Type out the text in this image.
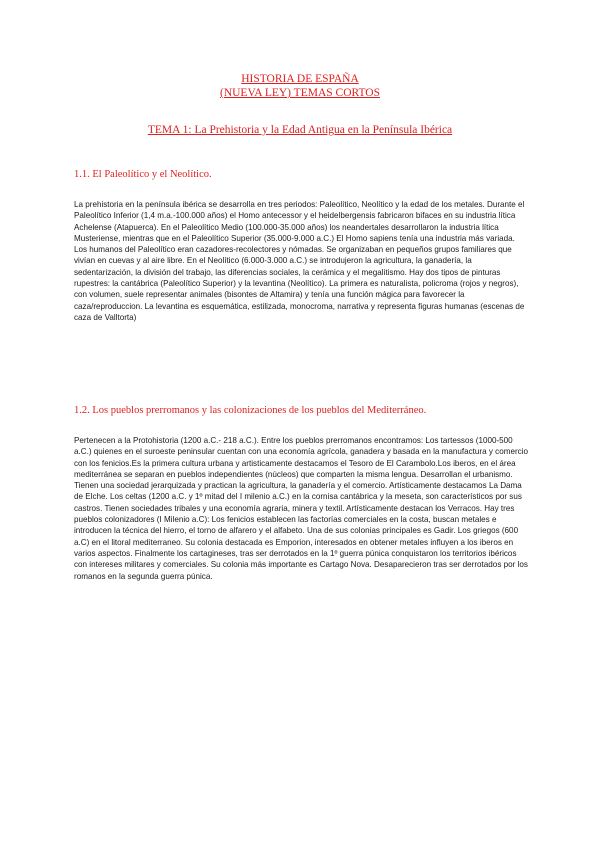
HISTORIA DE ESPAÑA
(NUEVA LEY) TEMAS CORTOS
TEMA 1: La Prehistoria y la Edad Antigua en la Península Ibérica
1.1. El Paleolítico y el Neolítico.

La prehistoria en la península ibérica se desarrolla en tres periodos: Paleolítico, Neolítico y la edad de los metales. Durante el Paleolítico Inferior (1,4 m.a.-100.000 años) el Homo antecessor y el heidelbergensis fabricaron bifaces en su industria lítica Achelense (Atapuerca). En el Paleolítico Medio (100.000-35.000 años) los neandertales desarrollaron la industria lítica Musteriense, mientras que en el Paleolítico Superior (35.000-9.000 a.C.) El Homo sapiens tenía una industria más variada. Los humanos del Paleolítico eran cazadores-recolectores y nómadas. Se organizaban en pequeños grupos familiares que vivían en cuevas y al aire libre. En el Neolítico (6.000-3.000 a.C.) se introdujeron la agricultura, la ganadería, la sedentarización, la división del trabajo, las diferencias sociales, la cerámica y el megalitismo. Hay dos tipos de pinturas rupestres: la cantábrica (Paleolítico Superior) y la levantina (Neolítico). La primera es naturalista, policroma (rojos y negros), con volumen, suele representar animales (bisontes de Altamira) y tenía una función mágica para favorecer la caza/reproduccion. La levantina es esquemática, estilizada, monocroma, narrativa y representa figuras humanas (escenas de caza de Valltorta)

1.2. Los pueblos prerromanos y las colonizaciones de los pueblos del Mediterráneo.

Pertenecen a la Protohistoria (1200 a.C.- 218 a.C.). Entre los pueblos prerromanos encontramos: Los tartessos (1000-500 a.C.) quienes en el suroeste peninsular cuentan con una economía agrícola, ganadera y basada en la manufactura y comercio con los fenicios.Es la primera cultura urbana y artisticamente destacamos el Tesoro de El Carambolo.Los iberos, en el área mediterránea se separan en pueblos independientes (núcleos) que comparten la misma lengua. Desarrollan el urbanismo. Tienen una sociedad jerarquizada y practican la agricultura, la ganadería y el comercio. Artísticamente destacamos La Dama de Elche. Los celtas (1200 a.C. y 1º mitad del I milenio a.C.) en la cornisa cantábrica y la meseta, son característicos por sus castros. Tienen sociedades tribales y una economía agraria, minera y textil. Artísticamente destacan los Verracos. Hay tres pueblos colonizadores (I Milenio a.C): Los fenicios establecen las factorías comerciales en la costa, buscan metales e introducen la técnica del hierro, el torno de alfarero y el alfabeto. Una de sus colonias principales es Gadir. Los griegos (600 a.C) en el litoral mediterraneo. Su colonia destacada es Emporion, interesados en obtener metales influyen a los iberos en varios aspectos. Finalmente los cartagineses, tras ser derrotados en la 1º guerra púnica conquistaron los territorios ibéricos con intereses militares y comerciales. Su colonia más importante es Cartago Nova. Desaparecieron tras ser derrotados por los romanos en la segunda guerra púnica.
